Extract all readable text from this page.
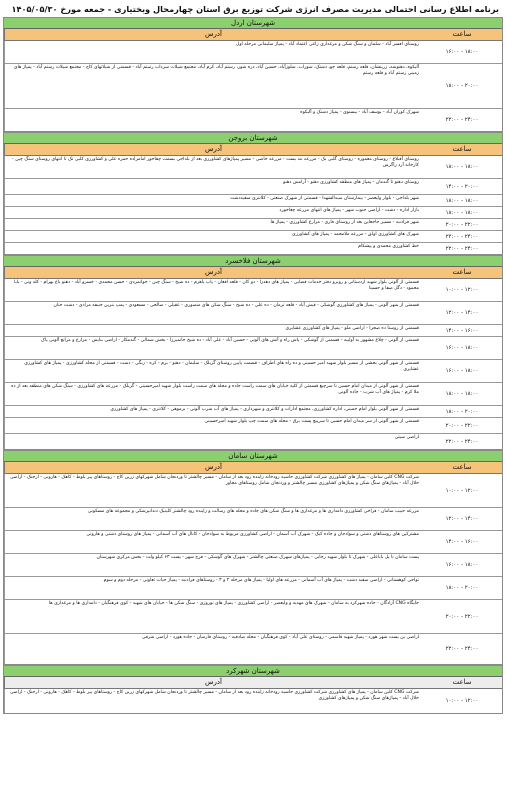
برنامه اطلاع رسانی احتمالی مدیریت مصرف انرژی شرکت توزیع برق استان چهارمحال وبختیاری - جمعه مورخ ۱۴۰۵/۰۵/۳۰
شهرستان اردل
ساعت
آدرس
۱۶:۰۰ - ۱۸:۰۰
روستای افسر آباد - شلمان و سنگ شکن و مرغداری زاغی اعتماد آباد - پمپاژ سلیمانی مرحله اول
۱۸:۰۰ - ۲۰:۰۰
آلیکوه، دهنوشه، زرینشان، قلعه رستم، قلعه جو، دشتک، شوراب، شلوزآباد، حسین آباد، دره شور، رستم آباد، کرم آباد، مجتمع شیلات سرداب رستم آباد - قسمتی از شیلاتهای کاج - مجتمع شیلات رستم آباد - پمپاژ های زمینی رستم آباد و قلعه رستم
۲۲:۰۰ - ۲۴:۰۰
شهرک کوران آباد - یوسف آباد - بیستوی - پمپاژ دشتک و آلیکوه
شهرستان بروجن
ساعت
آدرس
۱۸:۰۰ - ۱۸:۰۰
روستای آقبلاغ - روستای معموره - روستای گلبی بک - مزرعه نند بست - مزرعه خاصی - مسیر پمپاژهای کشاورزی بعد از بلداجی بسمت چقاخور امامزاده حمزه علی و کشاورزی کلبی تک تا انتهای روستای سنگ چین - کارخانه آرد زاگرس
۱۴:۰۰ - ۲۰:۰۰
روستای دهنو تا گندمان - پمپاژ های منطقه کشاورزی دهنو - آرامش دهنو
۱۸:۰۰ - ۱۸:۰۰
شهر بلداجی - بلوار ولیعصر - بیمارستان سیدالشهدا - قسمتی از شهرک صنعتی - کلانتری سفیددشت
۱۸:۰۰ - ۱۸:۰۰
بازار اداره - دشت - اراضی جنوب شهر - پمپاژ های انتهای مزرعه چغاخورد
۲۰:۰۰ - ۲۲:۰۰
شهر فرادنبه - مسیر جاجعاین بعد از روستای فاری - مزارع کشاورزی - پمپاژ ها
۲۲:۰۰ - ۲۴:۰۰
شهرک های کشاورزی اولق - مزرعه ملامحمد - پمپاژ های کشاورزی
۲۲:۰۰ - ۲۴:۰۰
خط کشاورزی محمدی و پیشکام
شهرستان فلاخسرد
ساعت
آدرس
۱۰:۰۰ - ۱۲:۰۰
قسمتی از آلونی بلوار شهید اردستانی و روبرو دفتر خدمات قضایی - پمپاژ های دهدزا - دو کان - قلعه افغان - پاپ باهرم - ده شیخ - سنگ چین - جوانمردی - حسن محمدی - خسرو آباد - دهنو باغ بهرام - کله ونی - بابا محمود - دگل صفا و حسینا
۱۲:۰۰ - ۱۴:۰۰
قسمتی از شهر آلونی - پمپاژ های کشاورزی گوشکی - قیش آباد - قلعه ترمان - ده علی - ده شیخ - سنگ شکن های منصوری - عقیلی - صالحی - مسعودی - پمپ بنزین حنیفه مرادی - دشت حنان
۱۴:۰۰ - ۱۶:۰۰
قسمتی از روستا ده صحرا - اراضی ملو - پمپاژ های کشاورزی عشایری
۱۶:۰۰ - ۱۸:۰۰
قسمتی از آلونی - چلاغ مشهور به آولیبه - قسمتی از گوشکی - پاس راه و آتش های آلونی - حسین آباد - علی آباد - ده شیخ خانمیرزا - بخش شمالی - گندمکار - اراضی بنایش - مزارع و مراتع آلونی پاک
۱۶:۰۰ - ۱۸:۰۰
قسمتی از شهر آلونی بخشی از مسیر بلوار شهید امیر حسینی و ده راه های اطراف - قسمت پایین روستای گزبلک - سلیمان - دهنو - برم - کره - زنگی - دشت - قسمتی از محله کشاورزی - پمپاژ های کشاورزی عشایری
۱۸:۰۰ - ۱۸:۰۰
قسمتی از شهر آلونی از میدان امام حسین تا سرچیغ قسمتی از کلیه خیابان های سمت راست جاده و محله های سمت راست بلوار شهید امیرحسینی - گزبلک - مزرعه های کشاورزی - سنگ شکن های منطقه بعد از ده ملا کرم - پمپاژ های آب شرب - جاده آلونی
۱۸:۰۰ - ۲۰:۰۰
قسمتی از شهر آلونی بلوار امام خمینی، اداره کشاورزی، مجتمع ادارات و کلانتری و شهرداری - پمپاژ های آب شرب آلونی - برموهی - کلانتری - پمپاژ های کشاورزی
۲۰:۰۰ - ۲۲:۰۰
قسمتی از شهر آلونی از سر میدان امام حسین تا سرپیچ پست برق - محله های سمت چپ بلوار شهید امیرحسینی
۲۲:۰۰ - ۲۴:۰۰
اراضی سیتی
شهرستان سامان
ساعت
آدرس
۱۰:۰۰ - ۱۲:۰۰
شرکت CNG کلین سامان - پمپاژ های کشاورزی شرکت کشاورزی حاشیه رودخانه زاینده رود بعد از سامان - مسیر چالشتر تا وردنجان شامل شهرکهای زرین کاج - روستاهای پیر بلوط - کاهک - هارونی - ارجنک - اراضی حلال آباد - پمپاژهای سنگ شکن و پمپاژهای کشاورزی مسیر چالشتر و وردنجان شامل روستاهای مجاور
۱۲:۰۰ - ۱۴:۰۰
مزرعه حبیب سامان - فراخی کشاورزی دامداری ها و مرغداری ها و سنگ شکن های جاده و محله های رسالت و زاینده رود چالشتر کلینیک دندانپزشکی و مجموعه های مسکونی
۱۴:۰۰ - ۱۶:۰۰
مشترکین های روستاهای دشتی و سوادجان و جاده کبک - شهرک آب آسمان - اراضی کشاورزی مربوط به سوادجان - کانال های آب آسمانی - پمپاژ های روستای دشتی و هارونی
۱۶:۰۰ - ۱۸:۰۰
پست سامان تا پل باباعلی - شهرک تا بلوار شهید رجایی - پمپاژهای شهرک صنعتی چالشتر - شهرک های گوشکی - فرخ شهر - پست ۶۳ کیلو ولت - بخش مرکزی شهرستان
۱۸:۰۰ - ۲۰:۰۰
نواحی کوهستانی - اراضی سفید دشت - پمپاژ های آب آسمانی - مزرعه های اولیا - پمپاژ های مرحله ۲ و ۳ - روستاهای فرادنبه - پمپاژ حیات تعاونی - مرحله دوم و سوم
۲۰:۰۰ - ۲۲:۰۰
جایگاه CNG آزادگان - جاده شهرکرد به سامان - شهرک های مهدیه و ولیعصر - اراضی کشاورزی - پمپاژ های نوروزی - سنگ شکن ها - خیابان های شهید - کوی فرهنگیان - دامداری ها و مرغداری ها
۲۲:۰۰ - ۲۴:۰۰
اراضی بن بست شهر هورد - پمپاژ شهید قاسمی - روستای علی آباد - کوی فرهنگیان - محله صادقیه - روستای فارسان - جاده هورد - اراضی شرقی
شهرستان شهرکرد
ساعت
آدرس
۱۰:۰۰ - ۱۲:۰۰
شرکت CNG کلین سامان - پمپاژ های کشاورزی شرکت کشاورزی حاشیه رودخانه زاینده رود بعد از سامان - مسیر چالشتر تا وردنجان شامل شهرکهای زرین کاج - روستاهای پیر بلوط - کاهک - هارونی - ارجنک - اراضی حلال آباد - پمپاژهای سنگ شکن و پمپاژهای کشاورزی
